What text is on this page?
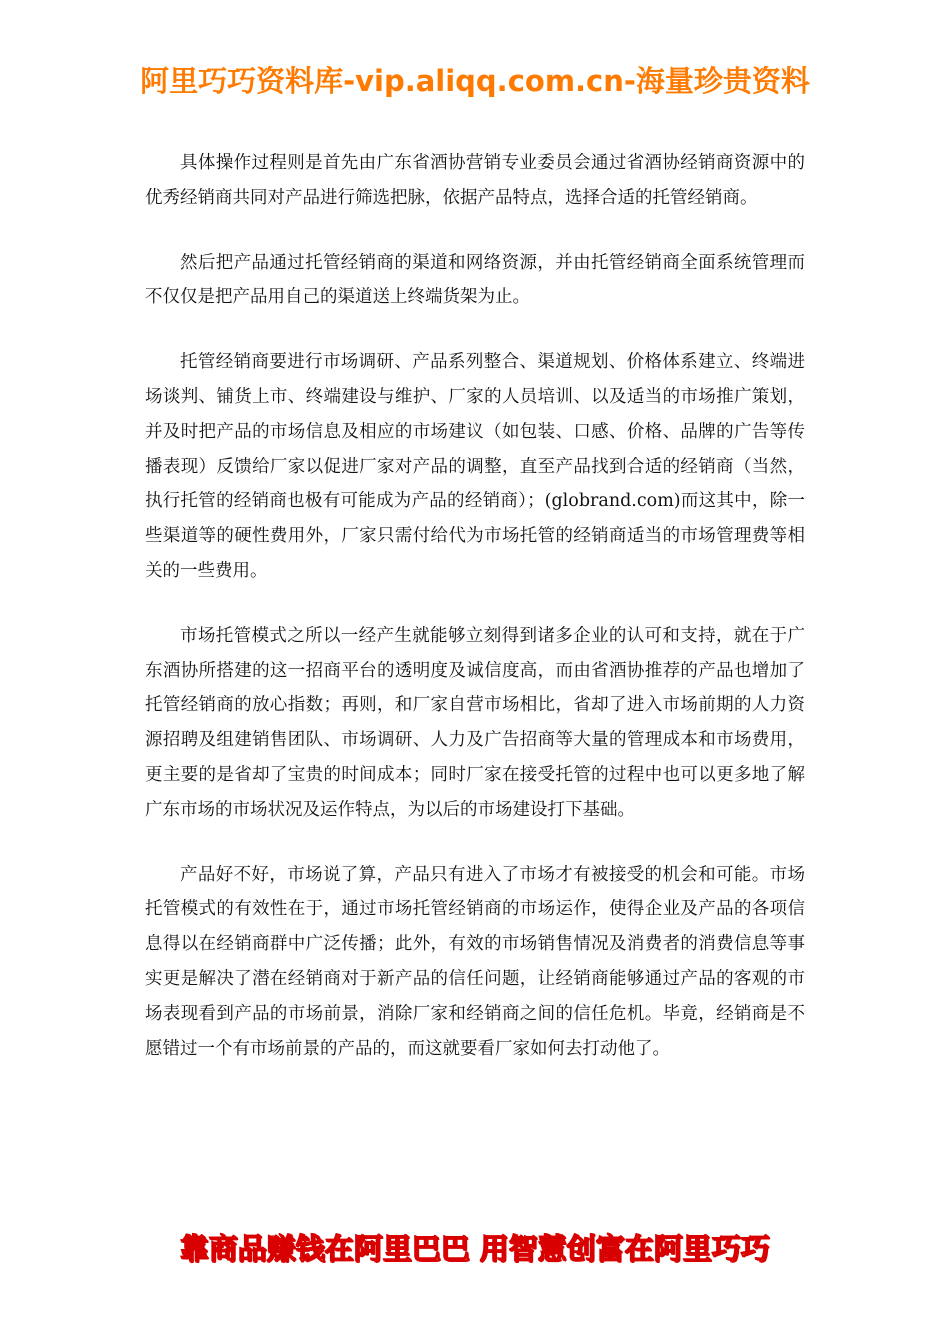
阿里巧巧资料库-vip.aliqq.com.cn-海量珍贵资料

具体操作过程则是首先由广东省酒协营销专业委员会通过省酒协经销商资源中的优秀经销商共同对产品进行筛选把脉，依据产品特点，选择合适的托管经销商。

然后把产品通过托管经销商的渠道和网络资源，并由托管经销商全面系统管理而不仅仅是把产品用自己的渠道送上终端货架为止。

托管经销商要进行市场调研、产品系列整合、渠道规划、价格体系建立、终端进场谈判、铺货上市、终端建设与维护、厂家的人员培训、以及适当的市场推广策划，并及时把产品的市场信息及相应的市场建议（如包装、口感、价格、品牌的广告等传播表现）反馈给厂家以促进厂家对产品的调整，直至产品找到合适的经销商（当然，执行托管的经销商也极有可能成为产品的经销商）；(globrand.com)而这其中，除一些渠道等的硬性费用外，厂家只需付给代为市场托管的经销商适当的市场管理费等相关的一些费用。

市场托管模式之所以一经产生就能够立刻得到诸多企业的认可和支持，就在于广东酒协所搭建的这一招商平台的透明度及诚信度高，而由省酒协推荐的产品也增加了托管经销商的放心指数；再则，和厂家自营市场相比，省却了进入市场前期的人力资源招聘及组建销售团队、市场调研、人力及广告招商等大量的管理成本和市场费用，更主要的是省却了宝贵的时间成本；同时厂家在接受托管的过程中也可以更多地了解广东市场的市场状况及运作特点，为以后的市场建设打下基础。

产品好不好，市场说了算，产品只有进入了市场才有被接受的机会和可能。市场托管模式的有效性在于，通过市场托管经销商的市场运作，使得企业及产品的各项信息得以在经销商群中广泛传播；此外，有效的市场销售情况及消费者的消费信息等事实更是解决了潜在经销商对于新产品的信任问题，让经销商能够通过产品的客观的市场表现看到产品的市场前景，消除厂家和经销商之间的信任危机。毕竟，经销商是不愿错过一个有市场前景的产品的，而这就要看厂家如何去打动他了。

靠商品赚钱在阿里巴巴 用智慧创富在阿里巧巧
